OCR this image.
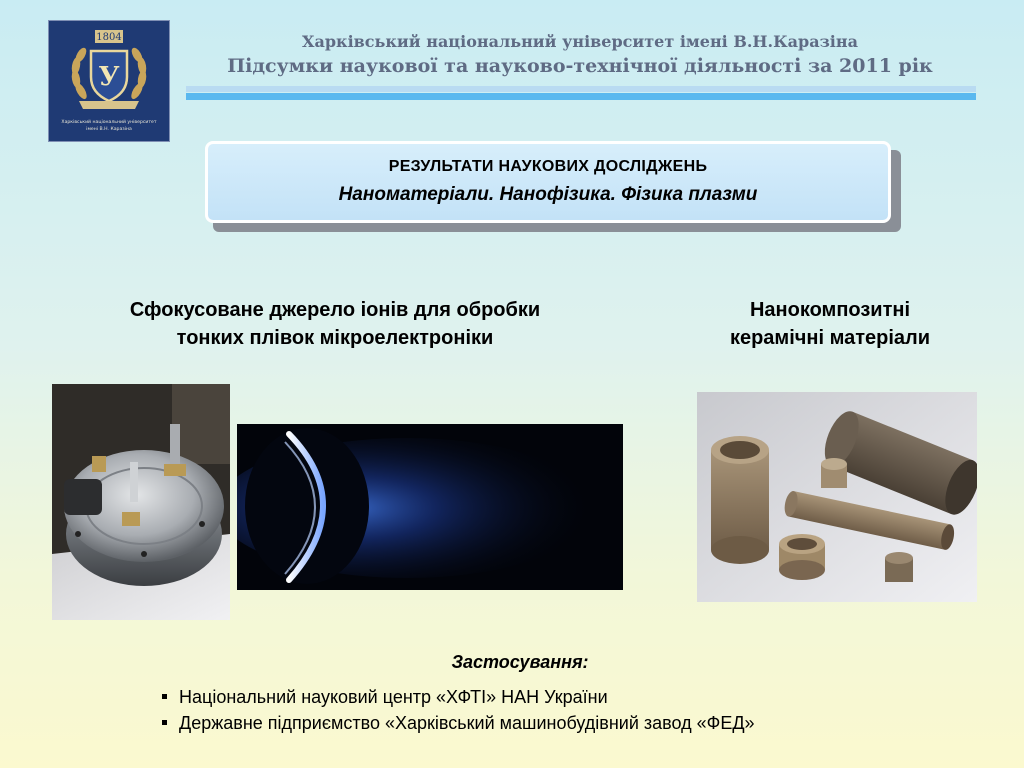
1804
У
Харківський національний університет
імені В.Н. Каразіна
Харківський національний університет імені В.Н.Каразіна
Підсумки наукової та науково-технічної діяльності за 2011 рік
РЕЗУЛЬТАТИ НАУКОВИХ ДОСЛІДЖЕНЬ
Наноматеріали. Нанофізика. Фізика плазми
Сфокусоване джерело іонів для обробки
тонких плівок мікроелектроніки
Нанокомпозитні
керамічні матеріали
Застосування:
Національний науковий центр «ХФТІ» НАН України
Державне підприємство «Харківський машинобудівний завод «ФЕД»
